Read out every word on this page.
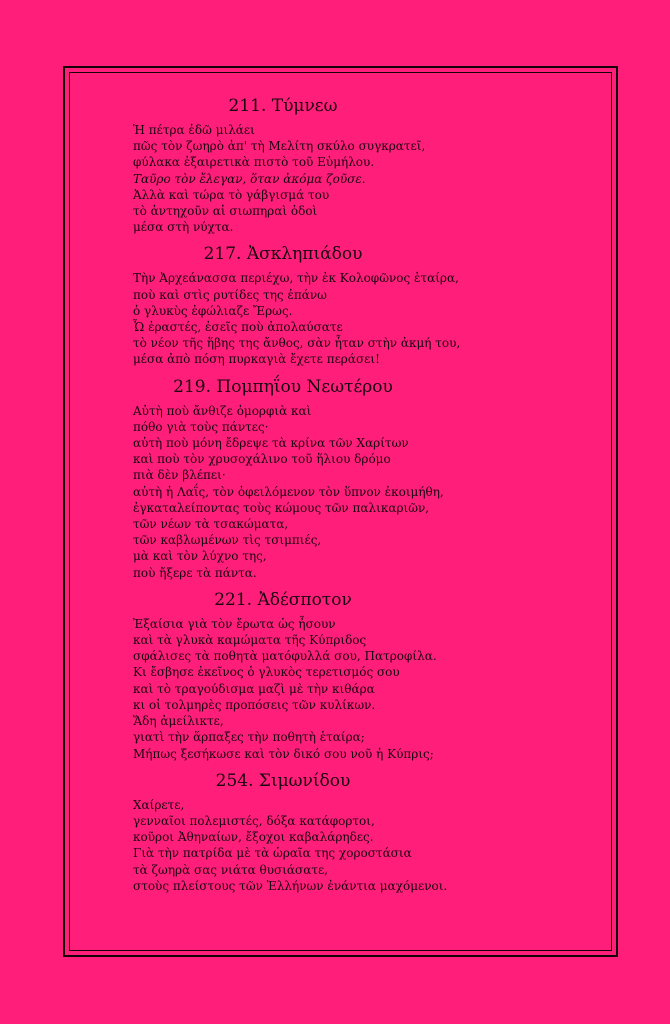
211. Τύμνεω
Ἡ πέτρα ἐδῶ μιλάει
πῶς τὸν ζωηρὸ ἀπ' τὴ Μελίτη σκύλο συγκρατεῖ,
φύλακα ἐξαιρετικὰ πιστὸ τοῦ Εὐμήλου.
Ταῦρο τὸν ἔλεγαν, ὅταν ἀκόμα ζοῦσε.
Ἀλλὰ καὶ τώρα τὸ γάβγισμά του
τὸ ἀντηχοῦν αἱ σιωπηραὶ ὁδοὶ
μέσα στὴ νύχτα.
217. Ἀσκληπιάδου
Τὴν Ἀρχεάνασσα περιέχω, τὴν ἐκ Κολοφῶνος ἑταίρα,
ποὺ καὶ στὶς ρυτίδες της ἐπάνω
ὁ γλυκὺς ἐφώλιαζε Ἔρως.
Ὦ ἐραστές, ἐσεῖς ποὺ ἀπολαύσατε
τὸ νέον τῆς ἥβης της ἄνθος, σὰν ἦταν στὴν ἀκμή του,
μέσα ἀπὸ πόση πυρκαγιὰ ἔχετε περάσει!
219. Πομπηΐου Νεωτέρου
Αὐτὴ ποὺ ἄνθιζε ὀμορφιὰ καὶ
πόθο γιὰ τοὺς πάντες·
αὐτὴ ποὺ μόνη ἔδρεψε τὰ κρίνα τῶν Χαρίτων
καὶ ποὺ τὸν χρυσοχάλινο τοῦ ἥλιου δρόμο
πιὰ δὲν βλέπει·
αὐτὴ ἡ Λαΐς, τὸν ὀφειλόμενον τὸν ὕπνον ἐκοιμήθη,
ἐγκαταλείποντας τοὺς κώμους τῶν παλικαριῶν,
τῶν νέων τὰ τσακώματα,
τῶν καβλωμένων τὶς τσιμπιές,
μὰ καὶ τὸν λύχνο της,
ποὺ ἤξερε τὰ πάντα.
221. Ἀδέσποτον
Ἐξαίσια γιὰ τὸν ἔρωτα ὡς ἦσουν
καὶ τὰ γλυκὰ καμώματα τῆς Κύπριδος
σφάλισες τὰ ποθητὰ ματόφυλλά σου, Πατροφίλα.
Κι ἔσβησε ἐκεῖνος ὁ γλυκὸς τερετισμός σου
καὶ τὸ τραγούδισμα μαζὶ μὲ τὴν κιθάρα
κι οἱ τολμηρὲς προπόσεις τῶν κυλίκων.
Ἅδη ἀμείλικτε,
γιατὶ τὴν ἅρπαξες τὴν ποθητὴ ἑταίρα;
Μήπως ξεσήκωσε καὶ τὸν δικό σου νοῦ ἡ Κύπρις;
254. Σιμωνίδου
Χαίρετε,
γενναῖοι πολεμιστές, δόξα κατάφορτοι,
κοῦροι Ἀθηναίων, ἔξοχοι καβαλάρηδες.
Γιὰ τὴν πατρίδα μὲ τὰ ὡραῖα της χοροστάσια
τὰ ζωηρὰ σας νιάτα θυσιάσατε,
στοὺς πλείστους τῶν Ἑλλήνων ἐνάντια μαχόμενοι.
